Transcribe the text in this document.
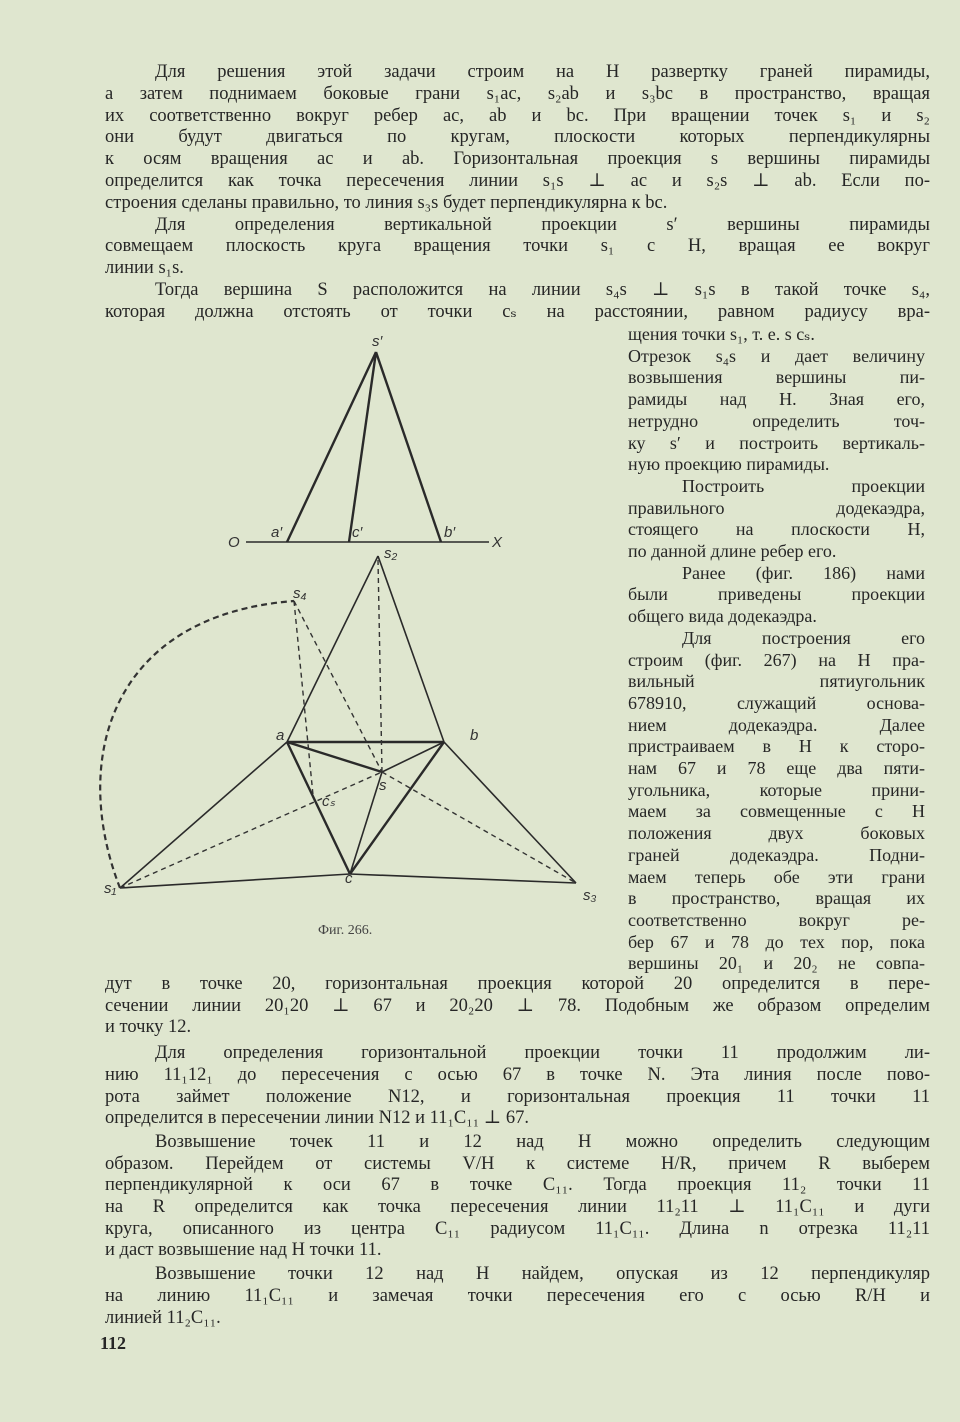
Для решения этой задачи строим на H развертку граней пирамиды,
а затем поднимаем боковые грани s₁ac, s₂ab и s₃bc в пространство, вращая
их соответственно вокруг ребер ac, ab и bc. При вращении точек s₁ и s₂
они будут двигаться по кругам, плоскости которых перпендикулярны
к осям вращения ac и ab. Горизонтальная проекция s вершины пирамиды
определится как точка пересечения линии s₁s ⊥ ac и s₂s ⊥ ab. Если по-
строения сделаны правильно, то линия s₃s будет перпендикулярна к bc.
Для определения вертикальной проекции s′ вершины пирамиды
совмещаем плоскость круга вращения точки s₁ с H, вращая ее вокруг
линии s₁s.
Тогда вершина S расположится на линии s₄s ⊥ s₁s в такой точке s₄,
которая должна отстоять от точки cₛ на расстоянии, равном радиусу вра-
щения точки s₁, т. е. s cₛ.
Отрезок s₄s и дает величину
возвышения вершины пи-
рамиды над H. Зная его,
нетрудно определить точ-
ку s′ и построить вертикаль-
ную проекцию пирамиды.
Построить проекции
правильного додекаэдра,
стоящего на плоскости H,
по данной длине ребер его.
Ранее (фиг. 186) нами
были приведены проекции
общего вида додекаэдра.
Для построения его
строим (фиг. 267) на H пра-
вильный пятиугольник
678910, служащий основа-
нием додекаэдра. Далее
пристраиваем в H к сторо-
нам 67 и 78 еще два пяти-
угольника, которые прини-
маем за совмещенные с H
положения двух боковых
граней додекаэдра. Подни-
маем теперь обе эти грани
в пространство, вращая их
соответственно вокруг ре-
бер 67 и 78 до тех пор, пока
вершины 20₁ и 20₂ не совпа-
дут в точке 20, горизонтальная проекция которой 20 определится в пере-
сечении линии 20₁20 ⊥ 67 и 20₂20 ⊥ 78. Подобным же образом определим
и точку 12.
Для определения горизонтальной проекции точки 11 продолжим ли-
нию 11₁12₁ до пересечения с осью 67 в точке N. Эта линия после пово-
рота займет положение N12, и горизонтальная проекция 11 точки 11
определится в пересечении линии N12 и 11₁C₁₁ ⊥ 67.
Возвышение точек 11 и 12 над H можно определить следующим
образом. Перейдем от системы V/H к системе H/R, причем R выберем
перпендикулярной к оси 67 в точке C₁₁. Тогда проекция 11₂ точки 11
на R определится как точка пересечения линии 11₂11 ⊥ 11₁C₁₁ и дуги
круга, описанного из центра C₁₁ радиусом 11₁C₁₁. Длина n отрезка 11₂11
и даст возвышение над H точки 11.
Возвышение точки 12 над H найдем, опуская из 12 перпендикуляр
на линию 11₁C₁₁ и замечая точки пересечения его с осью R/H и
линией 11₂C₁₁.
112
s′
a′	c′	b′
O	X
s₂
s₄
a	b
s
cₛ
c
s₁	s₃
Фиг. 266.
